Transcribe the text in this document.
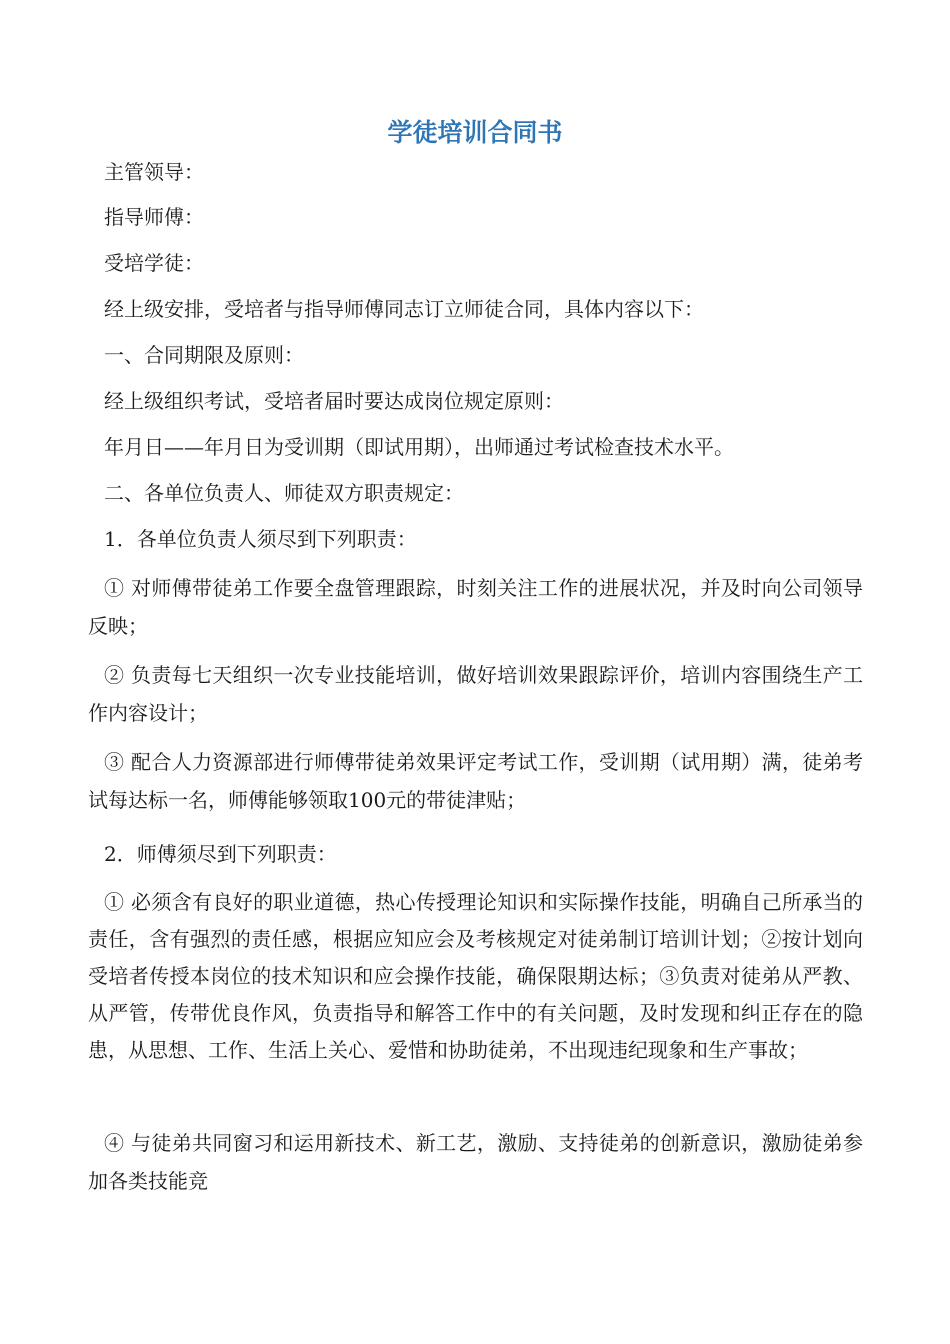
学徒培训合同书
主管领导：
指导师傅：
受培学徒：
经上级安排，受培者与指导师傅同志订立师徒合同，具体内容以下：
一、合同期限及原则：
经上级组织考试，受培者届时要达成岗位规定原则：
年月日——年月日为受训期（即试用期），出师通过考试检查技术水平。
二、各单位负责人、师徒双方职责规定：
1．各单位负责人须尽到下列职责：
① 对师傅带徒弟工作要全盘管理跟踪，时刻关注工作的进展状况，并及时向公司领导反映；
② 负责每七天组织一次专业技能培训，做好培训效果跟踪评价，培训内容围绕生产工作内容设计；
③ 配合人力资源部进行师傅带徒弟效果评定考试工作，受训期（试用期）满，徒弟考试每达标一名，师傅能够领取100元的带徒津贴；
2．师傅须尽到下列职责：
① 必须含有良好的职业道德，热心传授理论知识和实际操作技能，明确自己所承当的责任，含有强烈的责任感，根据应知应会及考核规定对徒弟制订培训计划；②按计划向受培者传授本岗位的技术知识和应会操作技能，确保限期达标；③负责对徒弟从严教、从严管，传带优良作风，负责指导和解答工作中的有关问题，及时发现和纠正存在的隐患，从思想、工作、生活上关心、爱惜和协助徒弟，不出现违纪现象和生产事故；
④ 与徒弟共同窗习和运用新技术、新工艺，激励、支持徒弟的创新意识，激励徒弟参加各类技能竞
